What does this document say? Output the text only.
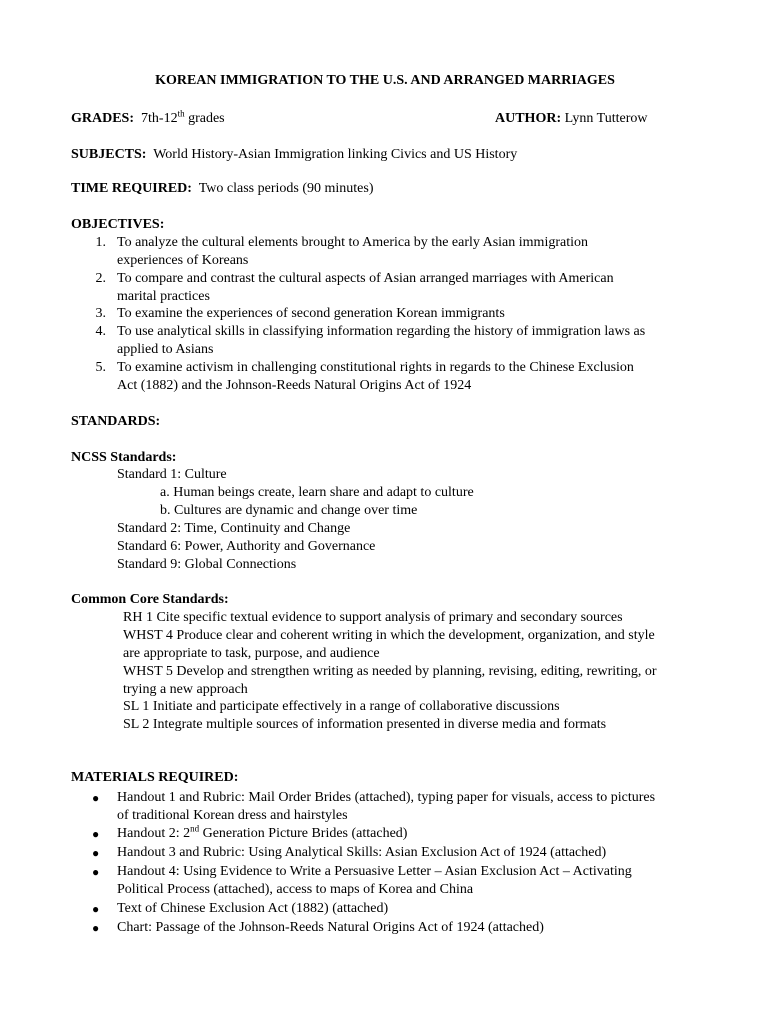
KOREAN IMMIGRATION TO THE U.S. AND ARRANGED MARRIAGES
GRADES: 7th-12th grades	AUTHOR: Lynn Tutterow
SUBJECTS: World History-Asian Immigration linking Civics and US History
TIME REQUIRED: Two class periods (90 minutes)
OBJECTIVES:
1. To analyze the cultural elements brought to America by the early Asian immigration
experiences of Koreans
2. To compare and contrast the cultural aspects of Asian arranged marriages with American
marital practices
3. To examine the experiences of second generation Korean immigrants
4. To use analytical skills in classifying information regarding the history of immigration laws as
applied to Asians
5. To examine activism in challenging constitutional rights in regards to the Chinese Exclusion
Act (1882) and the Johnson-Reeds Natural Origins Act of 1924
STANDARDS:
NCSS Standards:
Standard 1: Culture
a. Human beings create, learn share and adapt to culture
b. Cultures are dynamic and change over time
Standard 2: Time, Continuity and Change
Standard 6: Power, Authority and Governance
Standard 9: Global Connections
Common Core Standards:
RH 1 Cite specific textual evidence to support analysis of primary and secondary sources
WHST 4 Produce clear and coherent writing in which the development, organization, and style
are appropriate to task, purpose, and audience
WHST 5 Develop and strengthen writing as needed by planning, revising, editing, rewriting, or
trying a new approach
SL 1 Initiate and participate effectively in a range of collaborative discussions
SL 2 Integrate multiple sources of information presented in diverse media and formats
MATERIALS REQUIRED:
● Handout 1 and Rubric: Mail Order Brides (attached), typing paper for visuals, access to pictures
of traditional Korean dress and hairstyles
● Handout 2: 2nd Generation Picture Brides (attached)
● Handout 3 and Rubric: Using Analytical Skills: Asian Exclusion Act of 1924 (attached)
● Handout 4: Using Evidence to Write a Persuasive Letter – Asian Exclusion Act – Activating
Political Process (attached), access to maps of Korea and China
● Text of Chinese Exclusion Act (1882) (attached)
● Chart: Passage of the Johnson-Reeds Natural Origins Act of 1924 (attached)
